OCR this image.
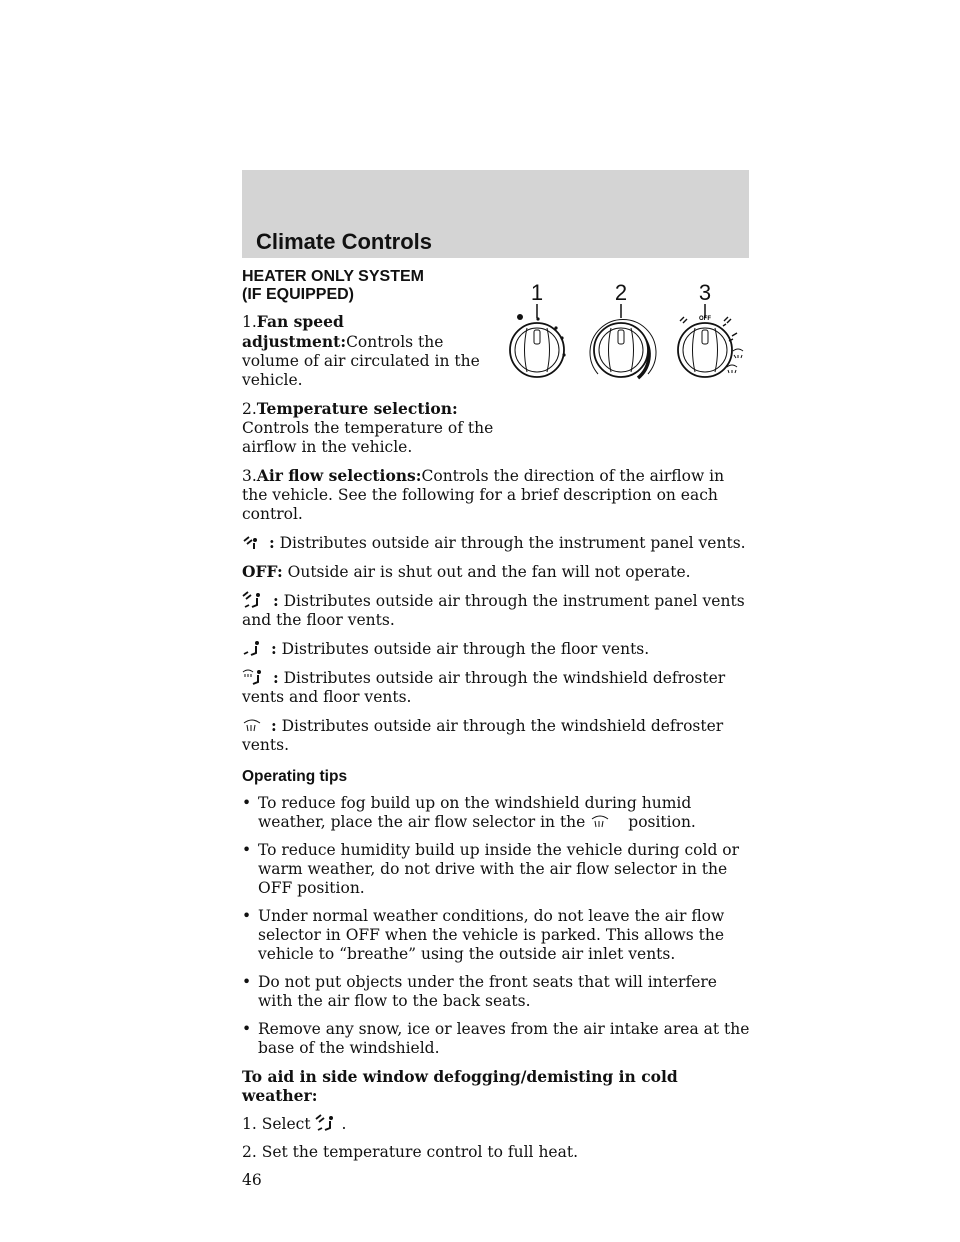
Climate Controls
1	2	3
OFF
HEATER ONLY SYSTEM
(IF EQUIPPED)

1.Fan speed adjustment:Controls the volume of air circulated in the vehicle.

2.Temperature selection:
Controls the temperature of the airflow in the vehicle.

3.Air flow selections:Controls the direction of the airflow in the vehicle. See the following for a brief description on each control.

: Distributes outside air through the instrument panel vents.

OFF: Outside air is shut out and the fan will not operate.

: Distributes outside air through the instrument panel vents and the floor vents.

: Distributes outside air through the floor vents.

: Distributes outside air through the windshield defroster vents and floor vents.

: Distributes outside air through the windshield defroster vents.

Operating tips
• To reduce fog build up on the windshield during humid weather, place the air flow selector in the	position.
• To reduce humidity build up inside the vehicle during cold or warm weather, do not drive with the air flow selector in the OFF position.
• Under normal weather conditions, do not leave the air flow selector in OFF when the vehicle is parked. This allows the vehicle to “breathe” using the outside air inlet vents.
• Do not put objects under the front seats that will interfere with the air flow to the back seats.
• Remove any snow, ice or leaves from the air intake area at the base of the windshield.

To aid in side window defogging/demisting in cold weather:

1. Select .

2. Set the temperature control to full heat.

46
